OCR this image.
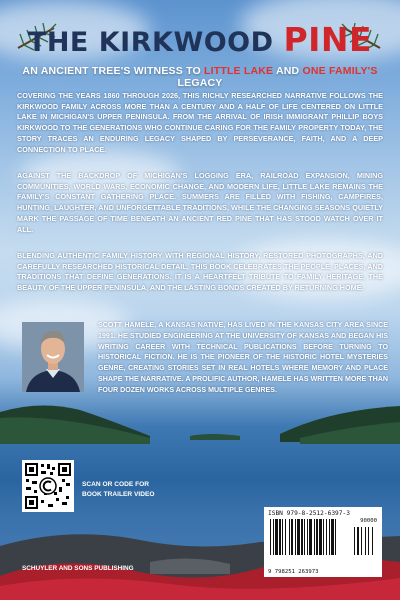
THE KIRKWOOD PINE
AN ANCIENT TREE'S WITNESS TO LITTLE LAKE AND ONE FAMILY'S LEGACY

COVERING THE YEARS 1860 THROUGH 2026, THIS RICHLY RESEARCHED NARRATIVE FOLLOWS THE KIRKWOOD FAMILY ACROSS MORE THAN A CENTURY AND A HALF OF LIFE CENTERED ON LITTLE LAKE IN MICHIGAN'S UPPER PENINSULA. FROM THE ARRIVAL OF IRISH IMMIGRANT PHILLIP BOYS KIRKWOOD TO THE GENERATIONS WHO CONTINUE CARING FOR THE FAMILY PROPERTY TODAY, THE STORY TRACES AN ENDURING LEGACY SHAPED BY PERSEVERANCE, FAITH, AND A DEEP CONNECTION TO PLACE.

AGAINST THE BACKDROP OF MICHIGAN'S LOGGING ERA, RAILROAD EXPANSION, MINING COMMUNITIES, WORLD WARS, ECONOMIC CHANGE, AND MODERN LIFE, LITTLE LAKE REMAINS THE FAMILY'S CONSTANT GATHERING PLACE. SUMMERS ARE FILLED WITH FISHING, CAMPFIRES, HUNTING, LAUGHTER, AND UNFORGETTABLE TRADITIONS, WHILE THE CHANGING SEASONS QUIETLY MARK THE PASSAGE OF TIME BENEATH AN ANCIENT RED PINE THAT HAS STOOD WATCH OVER IT ALL.

BLENDING AUTHENTIC FAMILY HISTORY WITH REGIONAL HISTORY, RESTORED PHOTOGRAPHS, AND CAREFULLY RESEARCHED HISTORICAL DETAIL, THIS BOOK CELEBRATES THE PEOPLE, PLACES, AND TRADITIONS THAT DEFINE GENERATIONS. IT IS A HEARTFELT TRIBUTE TO FAMILY HERITAGE, THE BEAUTY OF THE UPPER PENINSULA, AND THE LASTING BONDS CREATED BY RETURNING HOME.

SCOTT HAMELE, A KANSAS NATIVE, HAS LIVED IN THE KANSAS CITY AREA SINCE 1991. HE STUDIED ENGINEERING AT THE UNIVERSITY OF KANSAS AND BEGAN HIS WRITING CAREER WITH TECHNICAL PUBLICATIONS BEFORE TURNING TO HISTORICAL FICTION. HE IS THE PIONEER OF THE HISTORIC HOTEL MYSTERIES GENRE, CREATING STORIES SET IN REAL HOTELS WHERE MEMORY AND PLACE SHAPE THE NARRATIVE. A PROLIFIC AUTHOR, HAMELE HAS WRITTEN MORE THAN FOUR DOZEN WORKS ACROSS MULTIPLE GENRES.

SCAN OR CODE FOR
BOOK TRAILER VIDEO
ISBN 979-8-2512-6397-3
9 798251 263973
90000
SCHUYLER AND SONS PUBLISHING
